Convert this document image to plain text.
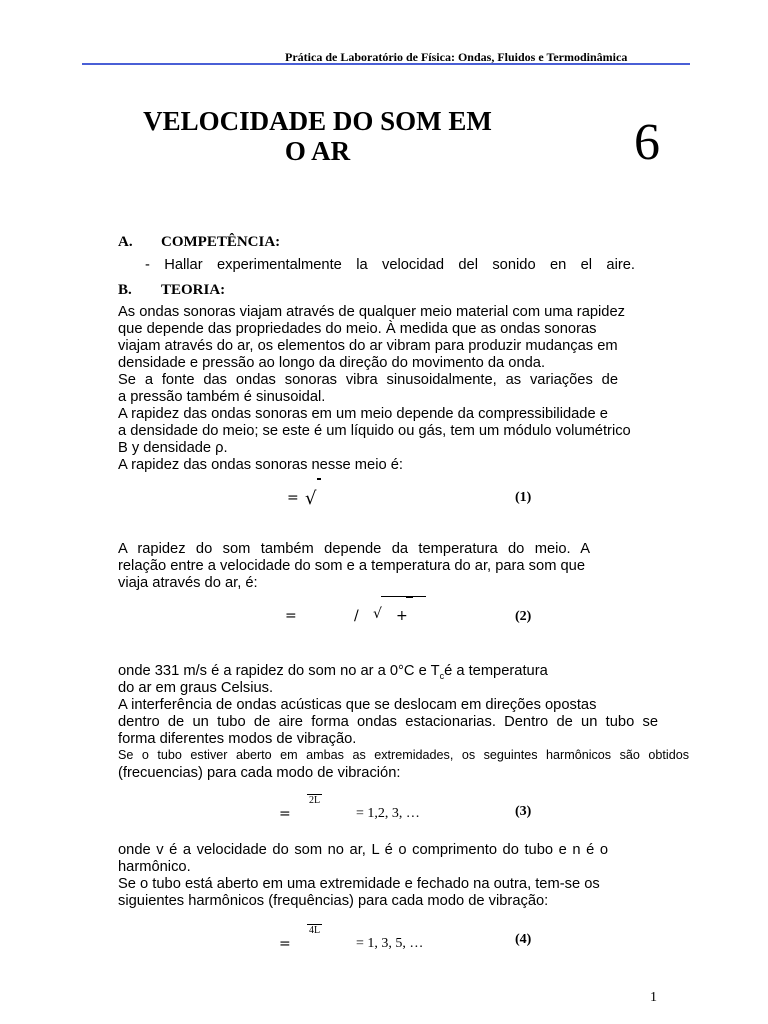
Prática de Laboratório de Física: Ondas, Fluidos e Termodinâmica
VELOCIDADE DO SOM EM
O AR	6
A. COMPETÊNCIA:
- Hallar experimentalmente la velocidad del sonido en el aire.
B. TEORIA:
As ondas sonoras viajam através de qualquer meio material com uma rapidez
que depende das propriedades do meio. À medida que as ondas sonoras
viajam através do ar, os elementos do ar vibram para produzir mudanças em
densidade e pressão ao longo da direção do movimento da onda.
Se a fonte das ondas sonoras vibra sinusoidalmente, as variações de
a pressão também é sinusoidal.
A rapidez das ondas sonoras em um meio depende da compressibilidade e
a densidade do meio; se este é um líquido ou gás, tem um módulo volumétrico
B y densidade ρ.
A rapidez das ondas sonoras nesse meio é:
= √	(1)
A rapidez do som também depende da temperatura do meio. A
relação entre a velocidade do som e a temperatura do ar, para som que
viaja através do ar, é:
=	/ √ +
	(2)
onde 331 m/s é a rapidez do som no ar a 0°C e $T_cé$ a temperatura
do ar em graus Celsius.
A interferência de ondas acústicas que se deslocam em direções opostas
dentro de un tubo de aire forma ondas estacionarias. Dentro de un tubo se
forma diferentes modos de vibração.
Se o tubo estiver aberto em ambas as extremidades, os seguintes harmônicos são obtidos
(frecuencias) para cada modo de vibración:
=
2L
= 1,2, 3, …	(3)
onde v é a velocidade do som no ar, L é o comprimento do tubo e n é o
harmônico.
Se o tubo está aberto em uma extremidade e fechado na outra, tem-se os
siguientes harmônicos (frequências) para cada modo de vibração:
=
4L
= 1, 3, 5, …	(4)
1
